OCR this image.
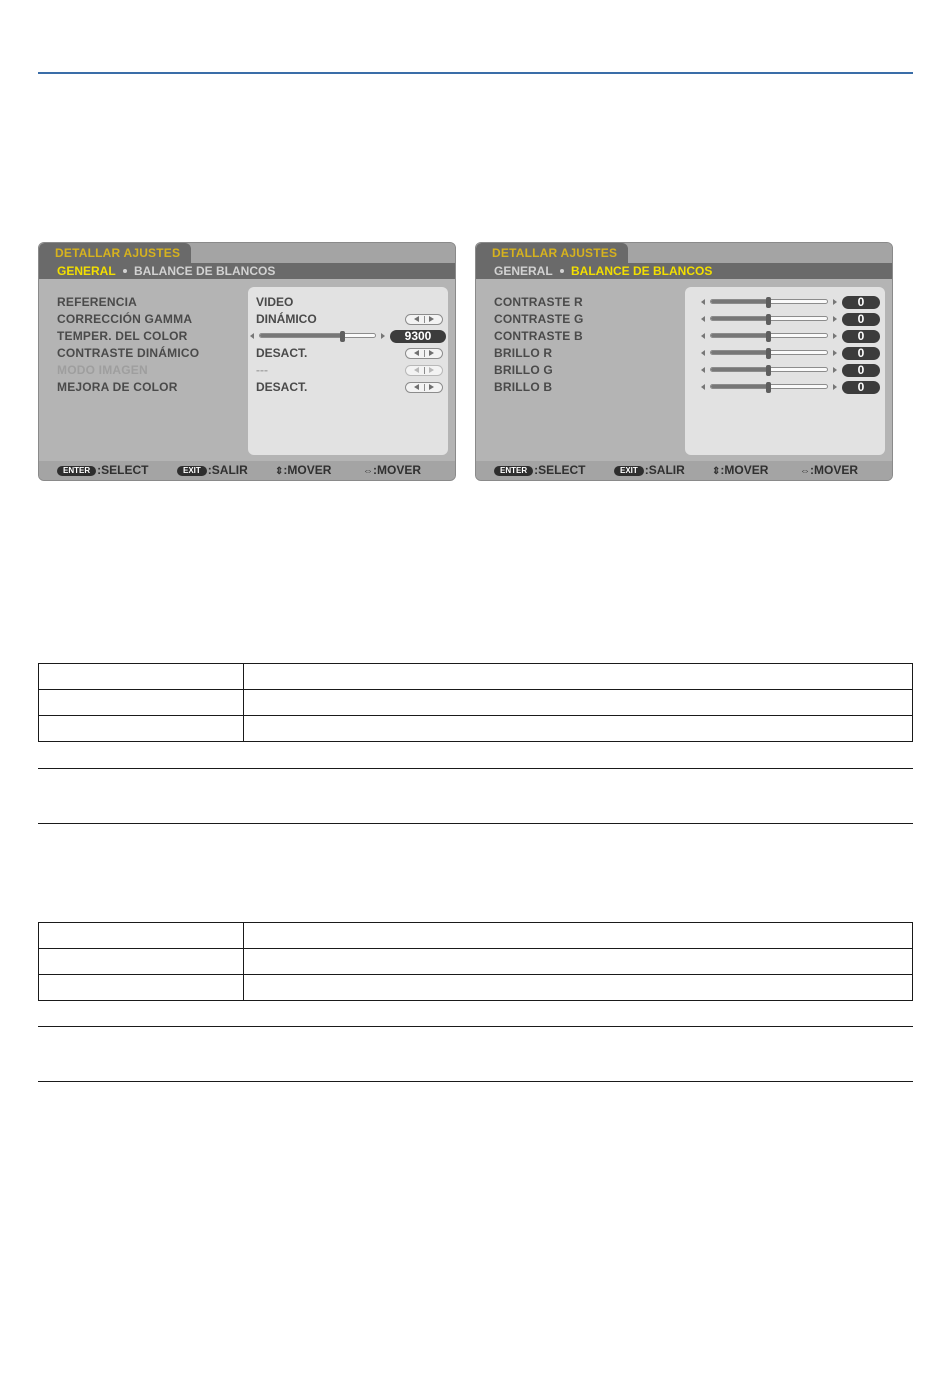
DETALLAR AJUSTES
GENERAL BALANCE DE BLANCOS
REFERENCIA	VIDEO
CORRECCIÓN GAMMA	DINÁMICO
TEMPER. DEL COLOR	9300
CONTRASTE DINÁMICO	DESACT.
MODO IMAGEN	---
MEJORA DE COLOR	DESACT.
ENTER :SELECT	EXIT :SALIR	⇕:MOVER	⇔:MOVER
DETALLAR AJUSTES
GENERAL BALANCE DE BLANCOS
CONTRASTE R	0
CONTRASTE G	0
CONTRASTE B	0
BRILLO R	0
BRILLO G	0
BRILLO B	0
ENTER :SELECT	EXIT :SALIR	⇕:MOVER	⇔:MOVER
